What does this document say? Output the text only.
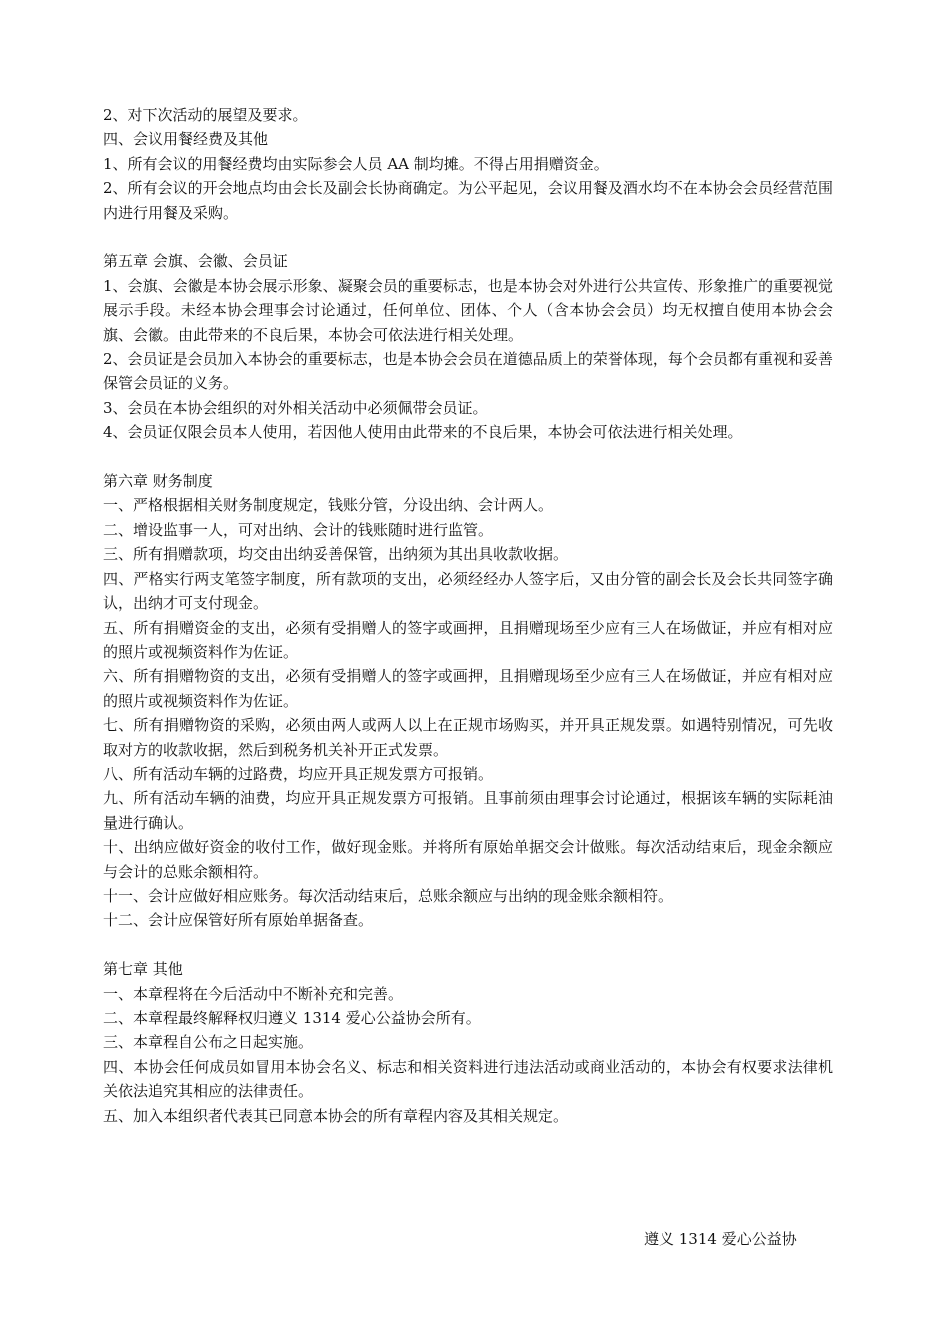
2、对下次活动的展望及要求。

四、会议用餐经费及其他

1、所有会议的用餐经费均由实际参会人员 AA 制均摊。不得占用捐赠资金。

2、所有会议的开会地点均由会长及副会长协商确定。为公平起见，会议用餐及酒水均不在本协会会员经营范围内进行用餐及采购。

第五章 会旗、会徽、会员证

1、会旗、会徽是本协会展示形象、凝聚会员的重要标志，也是本协会对外进行公共宣传、形象推广的重要视觉展示手段。未经本协会理事会讨论通过，任何单位、团体、个人（含本协会会员）均无权擅自使用本协会会旗、会徽。由此带来的不良后果，本协会可依法进行相关处理。

2、会员证是会员加入本协会的重要标志，也是本协会会员在道德品质上的荣誉体现，每个会员都有重视和妥善保管会员证的义务。

3、会员在本协会组织的对外相关活动中必须佩带会员证。

4、会员证仅限会员本人使用，若因他人使用由此带来的不良后果，本协会可依法进行相关处理。

第六章 财务制度

一、严格根据相关财务制度规定，钱账分管，分设出纳、会计两人。

二、增设监事一人，可对出纳、会计的钱账随时进行监管。

三、所有捐赠款项，均交由出纳妥善保管，出纳须为其出具收款收据。

四、严格实行两支笔签字制度，所有款项的支出，必须经经办人签字后，又由分管的副会长及会长共同签字确认，出纳才可支付现金。

五、所有捐赠资金的支出，必须有受捐赠人的签字或画押，且捐赠现场至少应有三人在场做证，并应有相对应的照片或视频资料作为佐证。

六、所有捐赠物资的支出，必须有受捐赠人的签字或画押，且捐赠现场至少应有三人在场做证，并应有相对应的照片或视频资料作为佐证。

七、所有捐赠物资的采购，必须由两人或两人以上在正规市场购买，并开具正规发票。如遇特别情况，可先收取对方的收款收据，然后到税务机关补开正式发票。

八、所有活动车辆的过路费，均应开具正规发票方可报销。

九、所有活动车辆的油费，均应开具正规发票方可报销。且事前须由理事会讨论通过，根据该车辆的实际耗油量进行确认。

十、出纳应做好资金的收付工作，做好现金账。并将所有原始单据交会计做账。每次活动结束后，现金余额应与会计的总账余额相符。

十一、会计应做好相应账务。每次活动结束后，总账余额应与出纳的现金账余额相符。

十二、会计应保管好所有原始单据备查。

第七章 其他

一、本章程将在今后活动中不断补充和完善。

二、本章程最终解释权归遵义 1314 爱心公益协会所有。

三、本章程自公布之日起实施。

四、本协会任何成员如冒用本协会名义、标志和相关资料进行违法活动或商业活动的，本协会有权要求法律机关依法追究其相应的法律责任。

五、加入本组织者代表其已同意本协会的所有章程内容及其相关规定。

遵义 1314 爱心公益协
